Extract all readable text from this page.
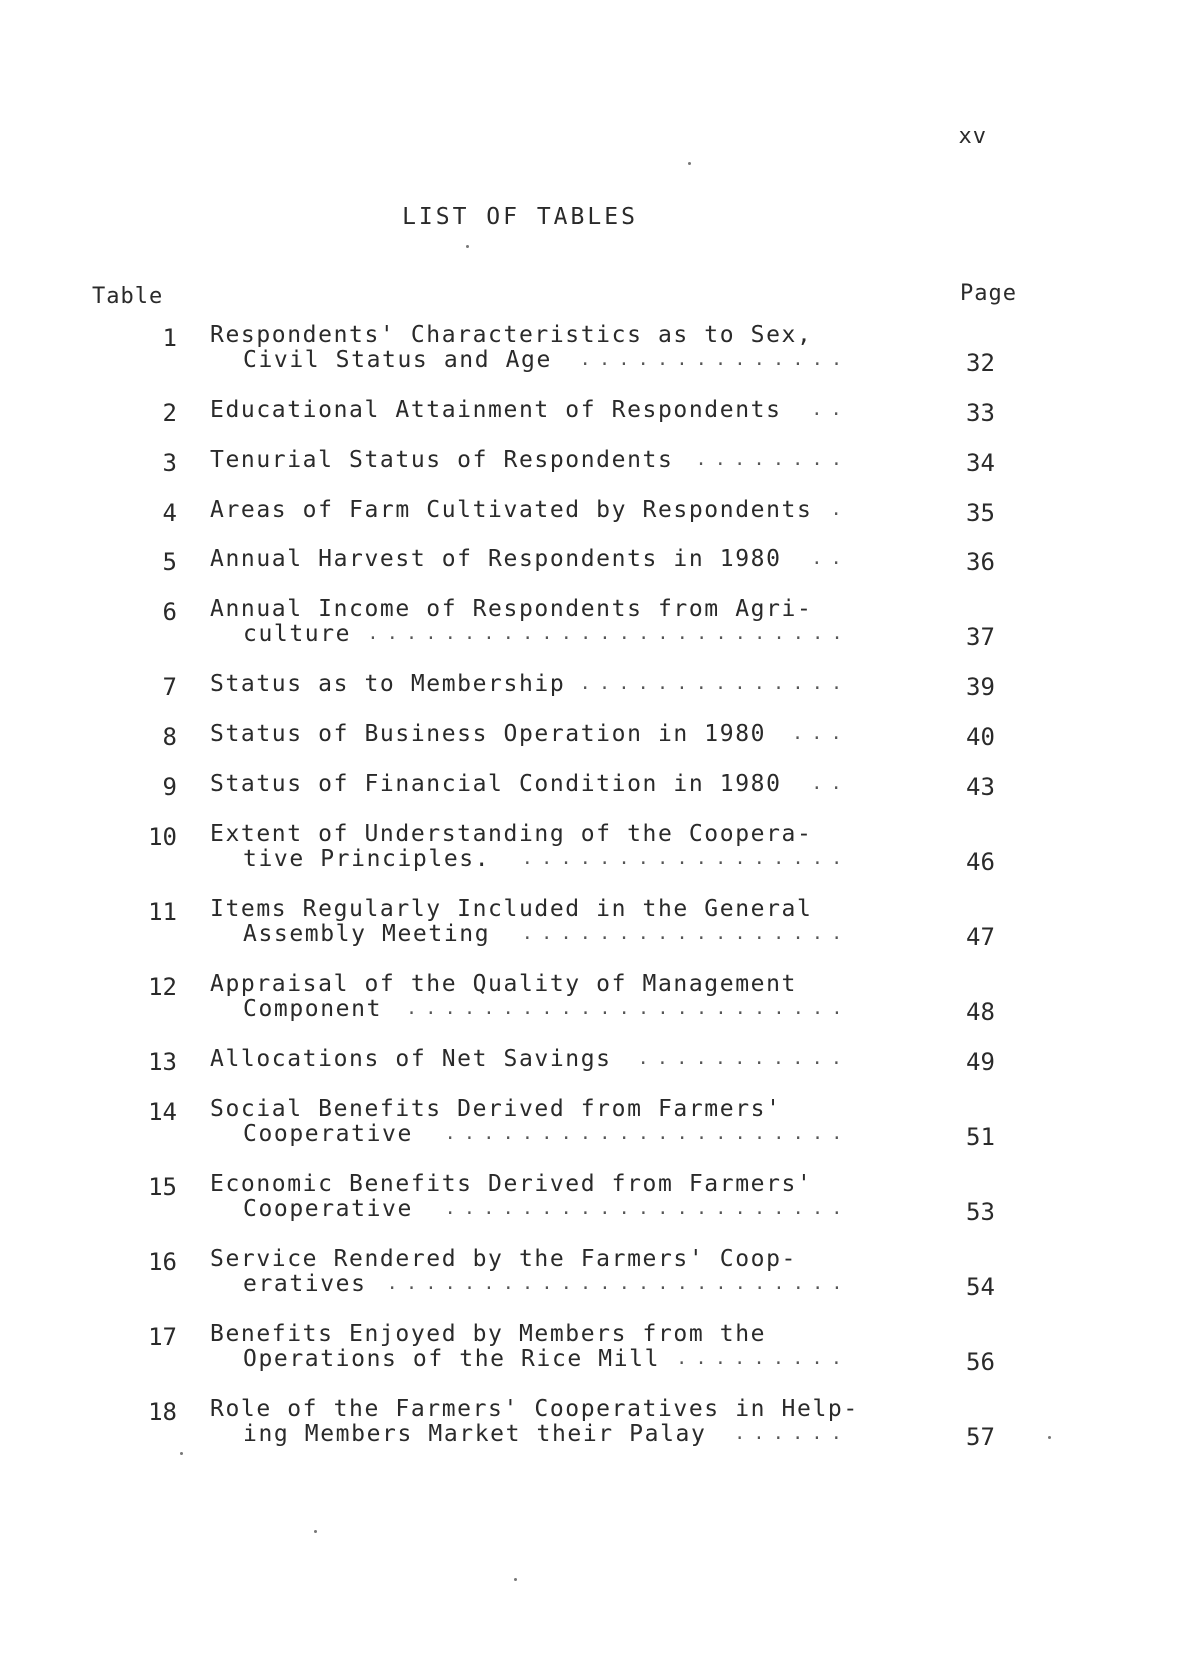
xv
LIST OF TABLES
Table	Page
1 Respondents' Characteristics as to Sex,
Civil Status and Age	32
..............
2 Educational Attainment of Respondents	33
..
3 Tenurial Status of Respondents	34
........
4 Areas of Farm Cultivated by Respondents	35
.
5 Annual Harvest of Respondents in 1980	36
..
6 Annual Income of Respondents from Agri-
culture	37
.........................
7 Status as to Membership	39
..............
8 Status of Business Operation in 1980	40
...
9 Status of Financial Condition in 1980	43
..
10 Extent of Understanding of the Coopera-
tive Principles.	46
.................
11 Items Regularly Included in the General
Assembly Meeting	47
.................
12 Appraisal of the Quality of Management
Component	48
.......................
13 Allocations of Net Savings	49
...........
14 Social Benefits Derived from Farmers'
Cooperative	51
.....................
15 Economic Benefits Derived from Farmers'
Cooperative	53
.....................
16 Service Rendered by the Farmers' Coop-
eratives	54
........................
17 Benefits Enjoyed by Members from the
Operations of the Rice Mill	56
.........
18 Role of the Farmers' Cooperatives in Help-
ing Members Market their Palay	57
......
